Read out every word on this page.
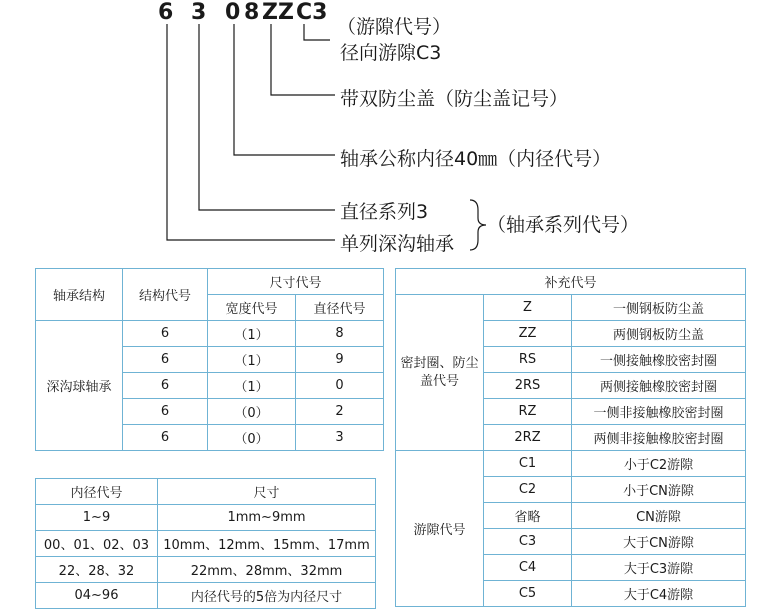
6 3 0 8 ZZ C3
（游隙代号）
径向游隙C3
带双防尘盖（防尘盖记号）
轴承公称内径40㎜（内径代号）
直径系列3
单列深沟轴承
（轴承系列代号）
轴承结构	结构代号	尺寸代号	
		宽度代号	直径代号
深沟球轴承	6	（1）	8
	6	（1）	9
	6	（1）	0
	6	（0）	2
	6	（0）	3
内径代号	尺寸
1~9	1mm~9mm
00、01、02、03	10mm、12mm、15mm、17mm
22、28、32	22mm、28mm、32mm
04~96	内径代号的5倍为内径尺寸
补充代号		
密封圈、防尘盖代号	Z	一侧钢板防尘盖
	ZZ	两侧钢板防尘盖
	RS	一侧接触橡胶密封圈
	2RS	两侧接触橡胶密封圈
	RZ	一侧非接触橡胶密封圈
	2RZ	两侧非接触橡胶密封圈
游隙代号	C1	小于C2游隙
	C2	小于CN游隙
	省略	CN游隙
	C3	大于CN游隙
	C4	大于C3游隙
	C5	大于C4游隙
